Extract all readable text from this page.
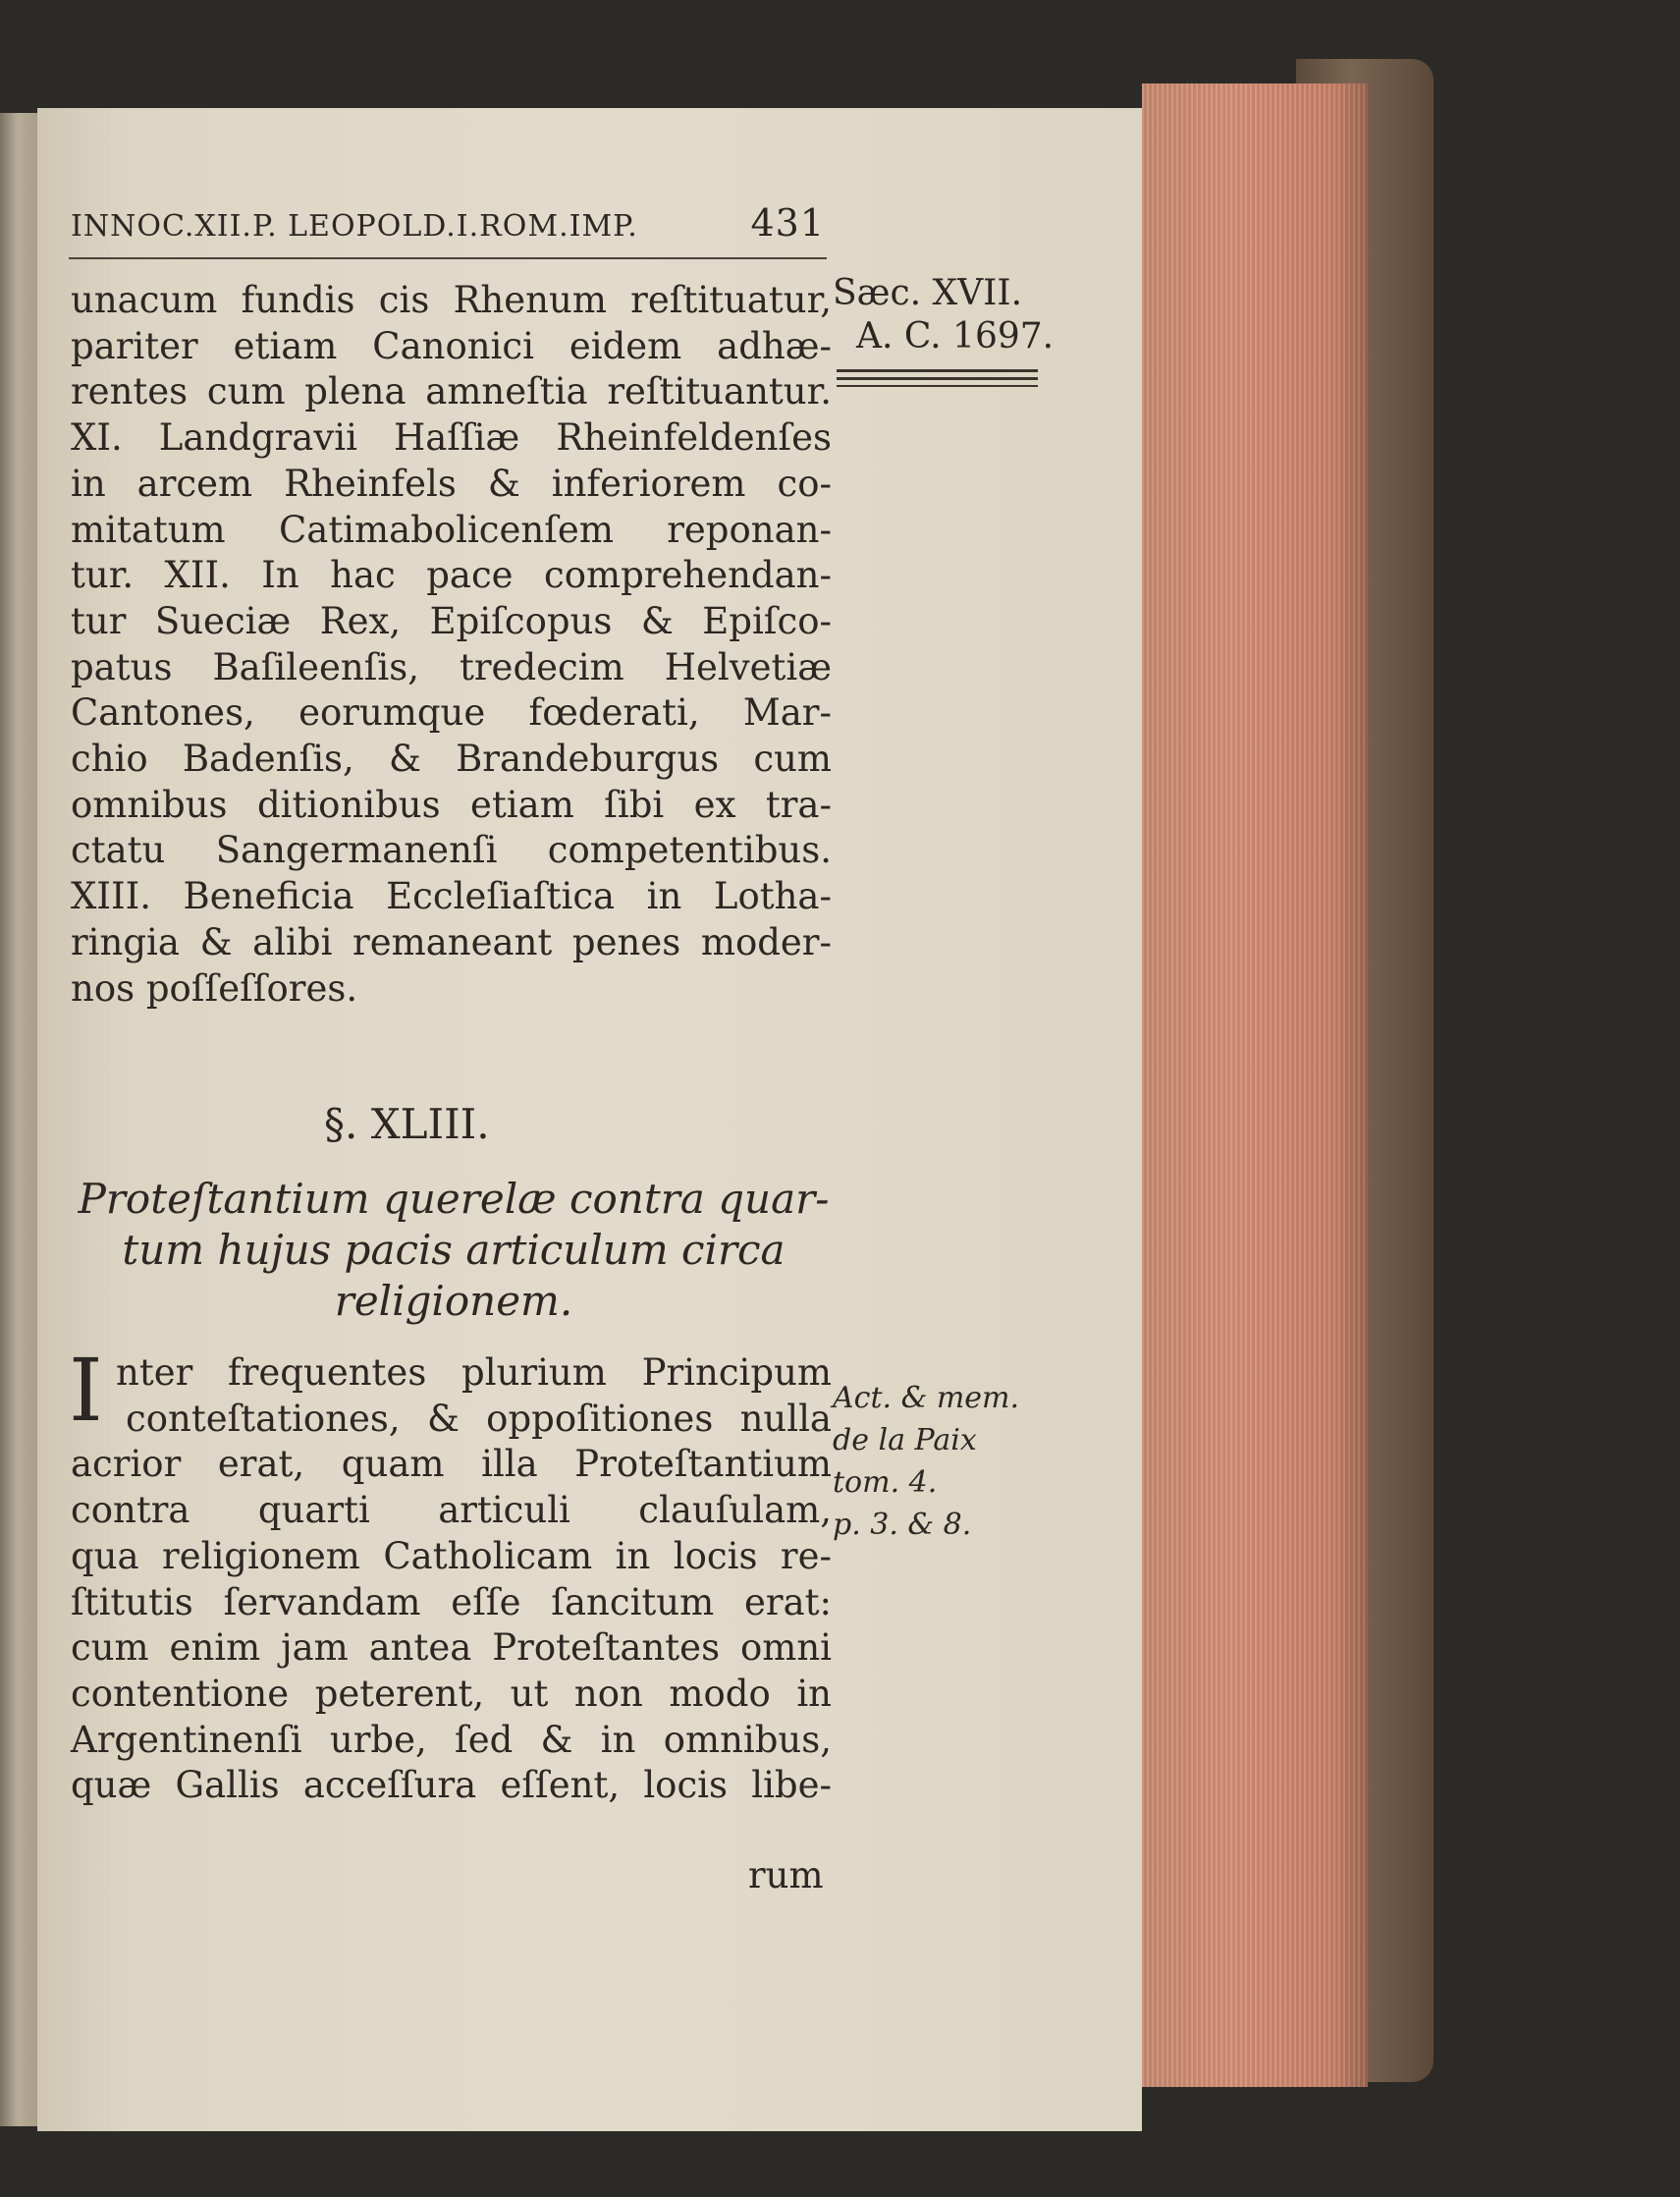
INNOC.XII.P. LEOPOLD.I.ROM.IMP.	431
Sæc. XVII.
A. C. 1697.
unacum fundis cis Rhenum reſtituatur,
pariter etiam Canonici eidem adhæ-
rentes cum plena amneſtia reſtituantur.
XI. Landgravii Haſſiæ Rheinfeldenſes
in arcem Rheinfels & inferiorem co-
mitatum Catimabolicenſem reponan-
tur. XII. In hac pace comprehendan-
tur Sueciæ Rex, Epiſcopus & Epiſco-
patus Baſileenſis, tredecim Helvetiæ
Cantones, eorumque fœderati, Mar-
chio Badenſis, & Brandeburgus cum
omnibus ditionibus etiam ſibi ex tra-
ctatu Sangermanenſi competentibus.
XIII. Beneficia Eccleſiaſtica in Lotha-
ringia & alibi remaneant penes moder-
nos poſſeſſores.
§. XLIII.
Proteſtantium querelæ contra quar-
tum hujus pacis articulum circa
religionem.
I nter frequentes plurium Principum
conteſtationes, & oppoſitiones nulla
acrior erat, quam illa Proteſtantium
contra quarti articuli clauſulam,
qua religionem Catholicam in locis re-
ſtitutis ſervandam eſſe ſancitum erat:
cum enim jam antea Proteſtantes omni
contentione peterent, ut non modo in
Argentinenſi urbe, ſed & in omnibus,
quæ Gallis acceſſura eſſent, locis libe-
rum
Act. & mem.
de la Paix
tom. 4.
p. 3. & 8.
